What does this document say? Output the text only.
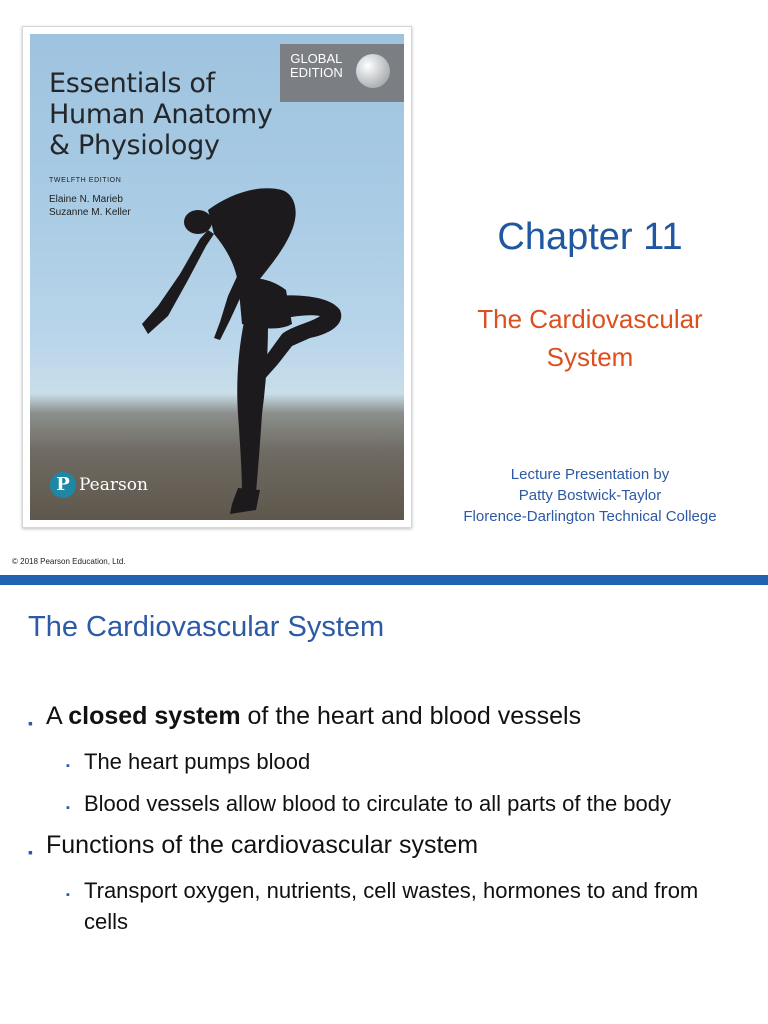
GLOBAL
EDITION
Essentials of
Human Anatomy
& Physiology
TWELFTH EDITION
Elaine N. Marieb
Suzanne M. Keller
P Pearson
Chapter 11
The Cardiovascular
System
Lecture Presentation by
Patty Bostwick-Taylor
Florence-Darlington Technical College
© 2018 Pearson Education, Ltd.
The Cardiovascular System
▪ A closed system of the heart and blood vessels
▪ The heart pumps blood
▪ Blood vessels allow blood to circulate to all parts of the body
▪ Functions of the cardiovascular system
▪ Transport oxygen, nutrients, cell wastes, hormones to and from cells
